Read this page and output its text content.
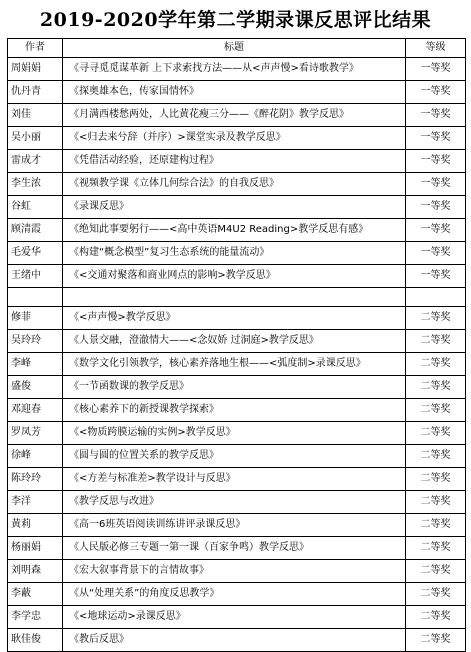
2019-2020学年第二学期录课反思评比结果
作者	标题	等级
周娟娟	《寻寻觅觅谋革新 上下求索找方法——从<声声慢>看诗歌教学》	一等奖
仇丹青	《探奥雄本色，传家国情怀》	一等奖
刘佳	《月满西楼愁两处，人比黄花瘦三分——《醉花阴》教学反思》	一等奖
吴小丽	《<归去来兮辞（并序）>课堂实录及教学反思》	一等奖
雷成才	《凭借活动经验，还原建构过程》	一等奖
李生浓	《视频教学课《立体几何综合法》的自我反思》	一等奖
谷虹	《录课反思》	一等奖
顾清霞	《绝知此事要躬行——<高中英语M4U2 Reading>教学反思有感》	一等奖
毛爱华	《构建“概念模型”复习生态系统的能量流动》	一等奖
王绪中	《<交通对聚落和商业网点的影响>教学反思》	一等奖

修菲	《<声声慢>教学反思》	二等奖
吴玲玲	《人景交融，澄澈情大——<念奴娇 过洞庭>教学反思》	二等奖
李峰	《数学文化引领教学，核心素养落地生根——<弧度制>录课反思》	二等奖
盛俊	《一节函数课的教学反思》	二等奖
邓迎春	《核心素养下的新授课教学探索》	二等奖
罗凤芳	《<物质跨膜运输的实例>教学反思》	二等奖
徐峰	《圆与圆的位置关系的教学反思》	二等奖
陈玲玲	《<方差与标准差>教学设计与反思》	二等奖
李洋	《教学反思与改进》	二等奖
黄莉	《高一6班英语阅读训练讲评录课反思》	二等奖
杨丽娟	《人民版必修三专题一第一课（百家争鸣）教学反思》	二等奖
刘明森	《宏大叙事背景下的言情故事》	二等奖
李蔽	《从“处理关系”的角度反思教学》	二等奖
李学忠	《<地球运动>录课反思》	二等奖
耿佳俊	《教后反思》	二等奖
